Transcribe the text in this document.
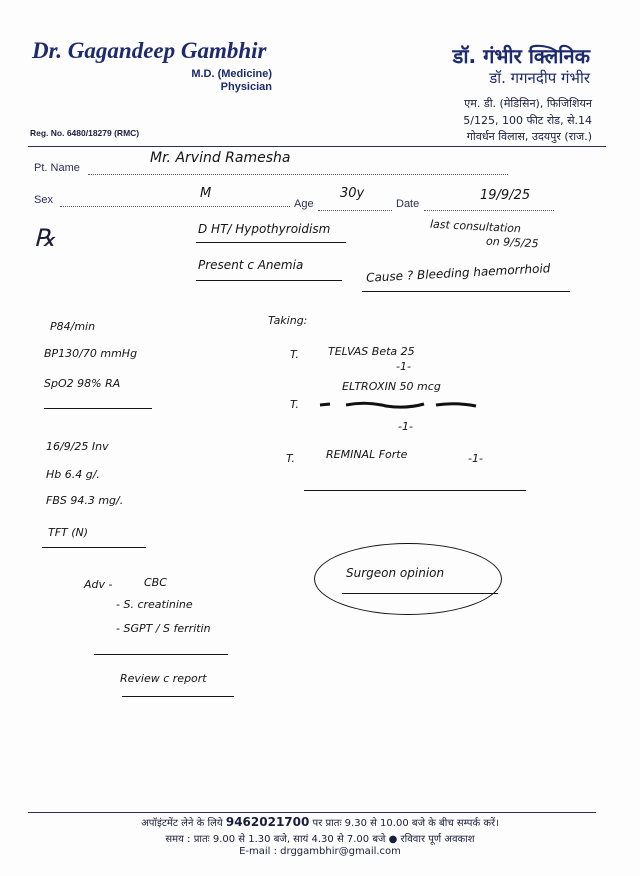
Dr. Gagandeep Gambhir
M.D. (Medicine)
Physician
डॉ. गंभीर क्लिनिक
डॉ. गगनदीप गंभीर
एम. डी. (मेडिसिन), फिजिशियन
5/125, 100 फीट रोड, से.14
गोवर्धन विलास, उदयपुर (राज.)
Reg. No. 6480/18279 (RMC)
Pt. Name
Mr. Arvind Ramesha
Sex	M
Age
30y
Date
19/9/25
℞	D HT/ Hypothyroidism
Present c Anemia	Cause ? Bleeding haemorrhoid
last consultation
on 9/5/25
P84/min
BP130/70 mmHg
SpO2 98% RA
16/9/25 Inv
Hb 6.4 g/.
FBS 94.3 mg/.
TFT (N)
Taking:
T.	TELVAS Beta 25
-1-
T.
ELTROXIN 50 mcg
-1-
T.	REMINAL Forte	-1-
Adv -	CBC
- S. creatinine
- SGPT / S ferritin
Surgeon opinion
Review c report
अपॉइंटमेंट लेने के लिये 9462021700 पर प्रातः 9.30 से 10.00 बजे के बीच सम्पर्क करें।
समय : प्रातः 9.00 से 1.30 बजे, सायं 4.30 से 7.00 बजे ● रविवार पूर्ण अवकाश
E-mail : drggambhir@gmail.com
